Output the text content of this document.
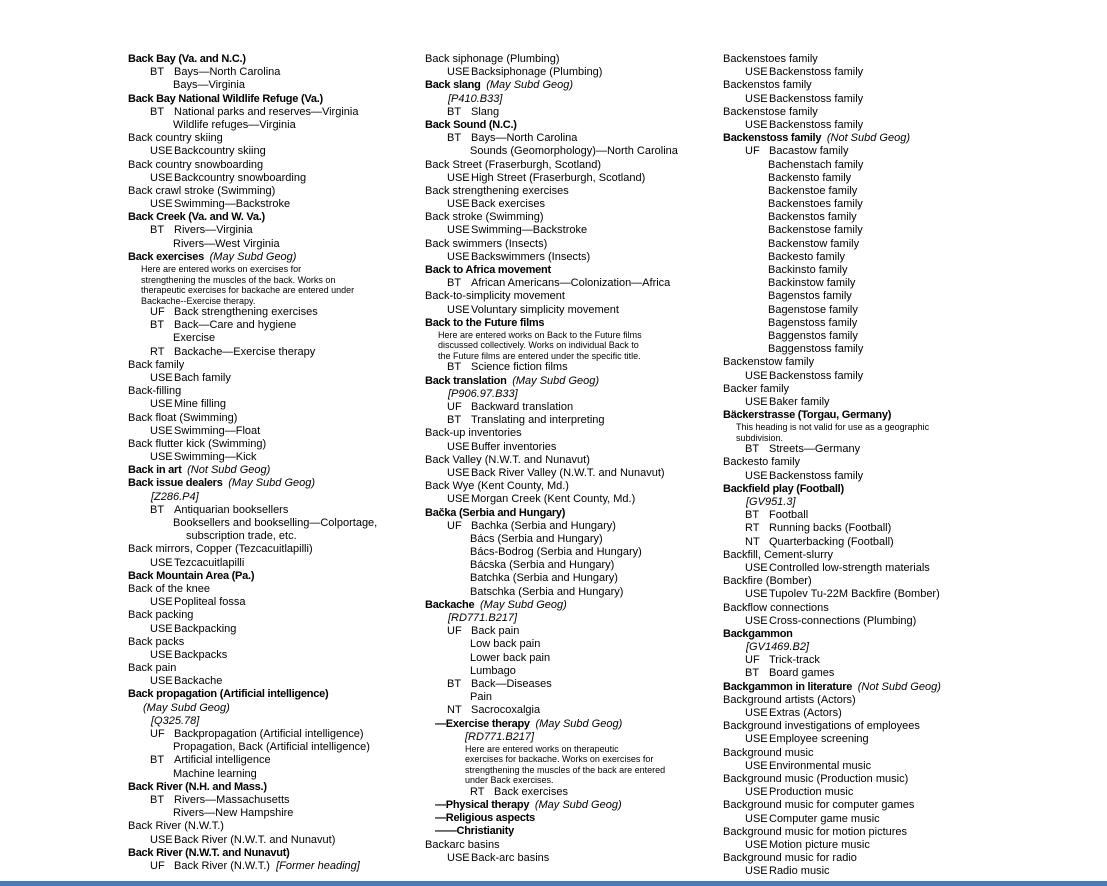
Back Bay (Va. and N.C.)
BT Bays—North Carolina
Bays—Virginia
Back Bay National Wildlife Refuge (Va.)
BT National parks and reserves—Virginia
Wildlife refuges—Virginia
Back country skiing
USEBackcountry skiing
Back country snowboarding
USEBackcountry snowboarding
Back crawl stroke (Swimming)
USESwimming—Backstroke
Back Creek (Va. and W. Va.)
BT Rivers—Virginia
Rivers—West Virginia
Back exercises (May Subd Geog)
Here are entered works on exercises for
strengthening the muscles of the back. Works on
therapeutic exercises for backache are entered under
Backache--Exercise therapy.
UF Back strengthening exercises
BT Back—Care and hygiene
Exercise
RT Backache—Exercise therapy
Back family
USEBach family
Back-filling
USEMine filling
Back float (Swimming)
USESwimming—Float
Back flutter kick (Swimming)
USESwimming—Kick
Back in art (Not Subd Geog)
Back issue dealers (May Subd Geog)
[Z286.P4]
BT Antiquarian booksellers
Booksellers and bookselling—Colportage,
subscription trade, etc.
Back mirrors, Copper (Tezcacuitlapilli)
USETezcacuitlapilli
Back Mountain Area (Pa.)
Back of the knee
USEPopliteal fossa
Back packing
USEBackpacking
Back packs
USEBackpacks
Back pain
USEBackache
Back propagation (Artificial intelligence)
(May Subd Geog)
[Q325.78]
UF Backpropagation (Artificial intelligence)
Propagation, Back (Artificial intelligence)
BT Artificial intelligence
Machine learning
Back River (N.H. and Mass.)
BT Rivers—Massachusetts
Rivers—New Hampshire
Back River (N.W.T.)
USEBack River (N.W.T. and Nunavut)
Back River (N.W.T. and Nunavut)
UF Back River (N.W.T.) [Former heading]
Back siphonage (Plumbing)
USEBacksiphonage (Plumbing)
Back slang (May Subd Geog)
[P410.B33]
BT Slang
Back Sound (N.C.)
BT Bays—North Carolina
Sounds (Geomorphology)—North Carolina
Back Street (Fraserburgh, Scotland)
USEHigh Street (Fraserburgh, Scotland)
Back strengthening exercises
USEBack exercises
Back stroke (Swimming)
USESwimming—Backstroke
Back swimmers (Insects)
USEBackswimmers (Insects)
Back to Africa movement
BT African Americans—Colonization—Africa
Back-to-simplicity movement
USEVoluntary simplicity movement
Back to the Future films
Here are entered works on Back to the Future films
discussed collectively. Works on individual Back to
the Future films are entered under the specific title.
BT Science fiction films
Back translation (May Subd Geog)
[P906.97.B33]
UF Backward translation
BT Translating and interpreting
Back-up inventories
USEBuffer inventories
Back Valley (N.W.T. and Nunavut)
USEBack River Valley (N.W.T. and Nunavut)
Back Wye (Kent County, Md.)
USEMorgan Creek (Kent County, Md.)
Bačka (Serbia and Hungary)
UF Bachka (Serbia and Hungary)
Bács (Serbia and Hungary)
Bács-Bodrog (Serbia and Hungary)
Bácska (Serbia and Hungary)
Batchka (Serbia and Hungary)
Batschka (Serbia and Hungary)
Backache (May Subd Geog)
[RD771.B217]
UF Back pain
Low back pain
Lower back pain
Lumbago
BT Back—Diseases
Pain
NT Sacrocoxalgia
—Exercise therapy (May Subd Geog)
[RD771.B217]
Here are entered works on therapeutic
exercises for backache. Works on exercises for
strengthening the muscles of the back are entered
under Back exercises.
RT Back exercises
—Physical therapy (May Subd Geog)
—Religious aspects
——Christianity
Backarc basins
USEBack-arc basins
Backenstoes family
USEBackenstoss family
Backenstos family
USEBackenstoss family
Backenstose family
USEBackenstoss family
Backenstoss family (Not Subd Geog)
UF Bacastow family
Bachenstach family
Backensto family
Backenstoe family
Backenstoes family
Backenstos family
Backenstose family
Backenstow family
Backesto family
Backinsto family
Backinstow family
Bagenstos family
Bagenstose family
Bagenstoss family
Baggenstos family
Baggenstoss family
Backenstow family
USEBackenstoss family
Backer family
USEBaker family
Bäckerstrasse (Torgau, Germany)
This heading is not valid for use as a geographic
subdivision.
BT Streets—Germany
Backesto family
USEBackenstoss family
Backfield play (Football)
[GV951.3]
BT Football
RT Running backs (Football)
NT Quarterbacking (Football)
Backfill, Cement-slurry
USEControlled low-strength materials
Backfire (Bomber)
USETupolev Tu-22M Backfire (Bomber)
Backflow connections
USECross-connections (Plumbing)
Backgammon
[GV1469.B2]
UF Trick-track
BT Board games
Backgammon in literature (Not Subd Geog)
Background artists (Actors)
USEExtras (Actors)
Background investigations of employees
USEEmployee screening
Background music
USEEnvironmental music
Background music (Production music)
USEProduction music
Background music for computer games
USEComputer game music
Background music for motion pictures
USEMotion picture music
Background music for radio
USERadio music
